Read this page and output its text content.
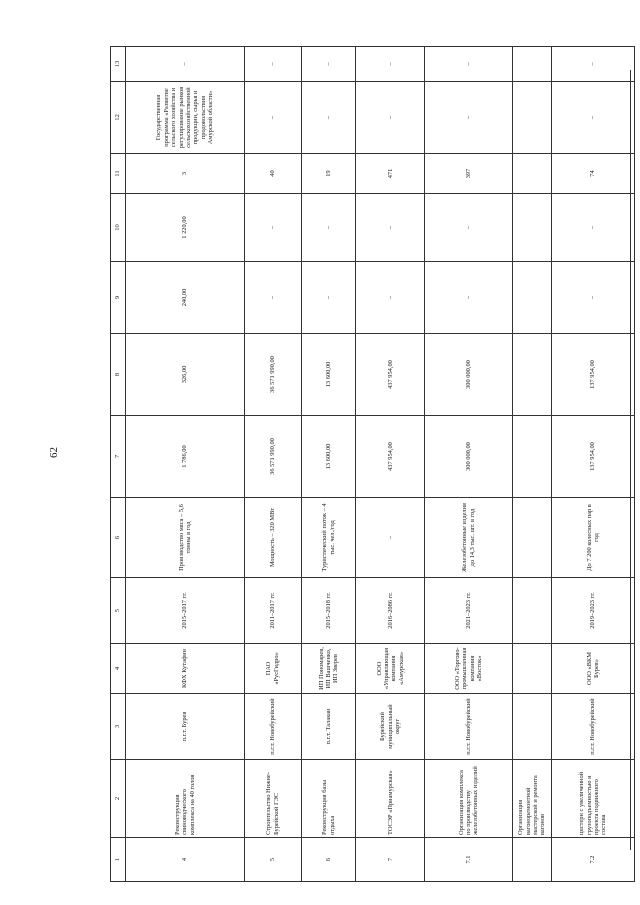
62
1	2	3	4	5	6	7	8	9	10	11	12	13
4	Реконструкция свиноводческого комплекса на 40 голов	п.г.т. Бурея	КФХ Кутафин	2015–2017 гг.	Производство мяса – 5,6 тонны в год	1 786,00	326,00	240,00	1 220,00	3	Государственная программа «Развитие сельского хозяйства и регулирование рынков сельскохозяйственной продукции, сырья и продовольствия Амурской области»	–
5	Строительство Нижне-Бурейской ГЭС	п.г.т. Новобурейский	ПАО «РусГидро»	2011–2017 гг.	Мощность – 320 МВт	36 571 990,00	36 571 990,00	–	–	40	–	–
6	Реконструкция базы отдыха	п.г.т. Талакан	ИП Пономарев, ИП Вашченко, ИП Зверев	2015–2018 гг.	Туристический поток – 4 тыс. чел./год	13 600,00	13 600,00	–	–	19	–	–
7	ТОСЭР «Приамурская»	Бурейский муниципальный округ	ООО «Управляющая компания «Амурская»	2016–2086 гг.	–	437 954,00	437 954,00	–	–	471	–	–
7.1	Организация комплекса по производству железобетонных изделий	п.г.т. Новобурейский	ООО «Торгово-промышленная компания «Восток»	2021–2023 гг.	Железобетонные изделия до 14,3 тыс. шт. в год	300 000,00	300 000,00	–	–	397	–	–
	Организация вагоноремонтной мастерской и ремонта вагонов											
7.2	цистерн с увеличенной грузоподъемностью и проекта подвижного состава	п.г.т. Новобурейский	ООО «ВКМ Бурея»	2019–2023 гг.	До 7 200 колесных пар в год	137 954,00	137 954,00	–	–	74	–	–
